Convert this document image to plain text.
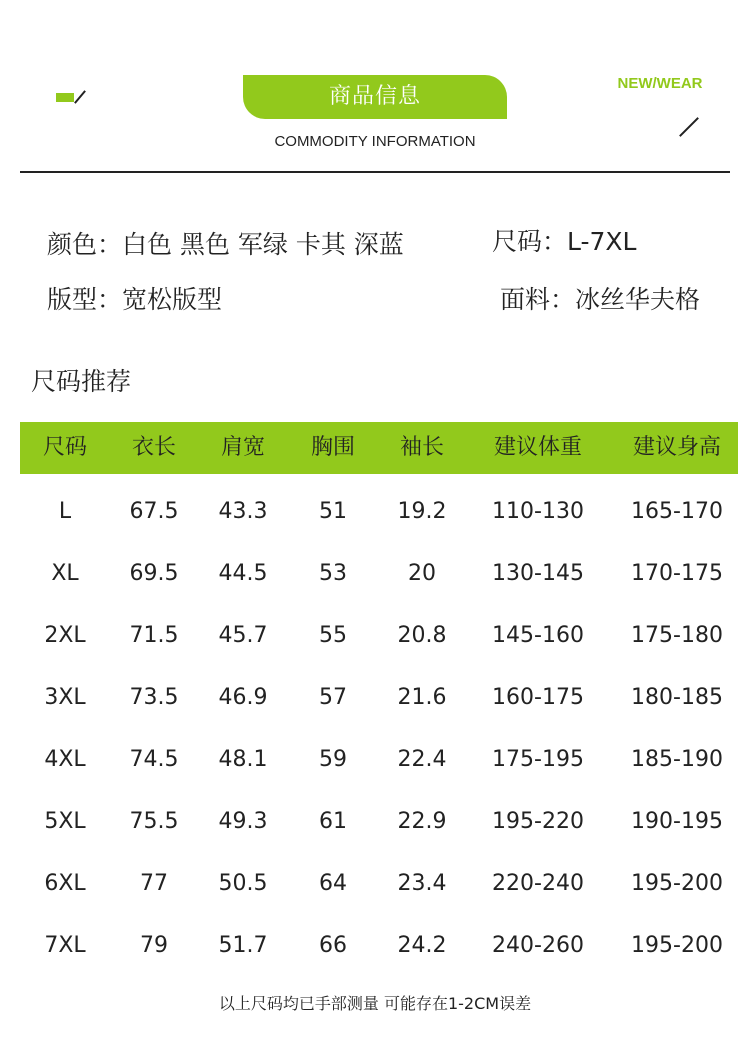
商品信息
COMMODITY INFORMATION
NEW/WEAR
颜色：白色 黑色 军绿 卡其 深蓝	尺码：L-7XL
版型：宽松版型	面料：冰丝华夫格
尺码推荐
尺码	衣长	肩宽	胸围	袖长	建议体重	建议身高
L	67.5	43.3	51	19.2	110-130	165-170
XL	69.5	44.5	53	20	130-145	170-175
2XL	71.5	45.7	55	20.8	145-160	175-180
3XL	73.5	46.9	57	21.6	160-175	180-185
4XL	74.5	48.1	59	22.4	175-195	185-190
5XL	75.5	49.3	61	22.9	195-220	190-195
6XL	77	50.5	64	23.4	220-240	195-200
7XL	79	51.7	66	24.2	240-260	195-200
以上尺码均已手部测量 可能存在1-2CM误差
